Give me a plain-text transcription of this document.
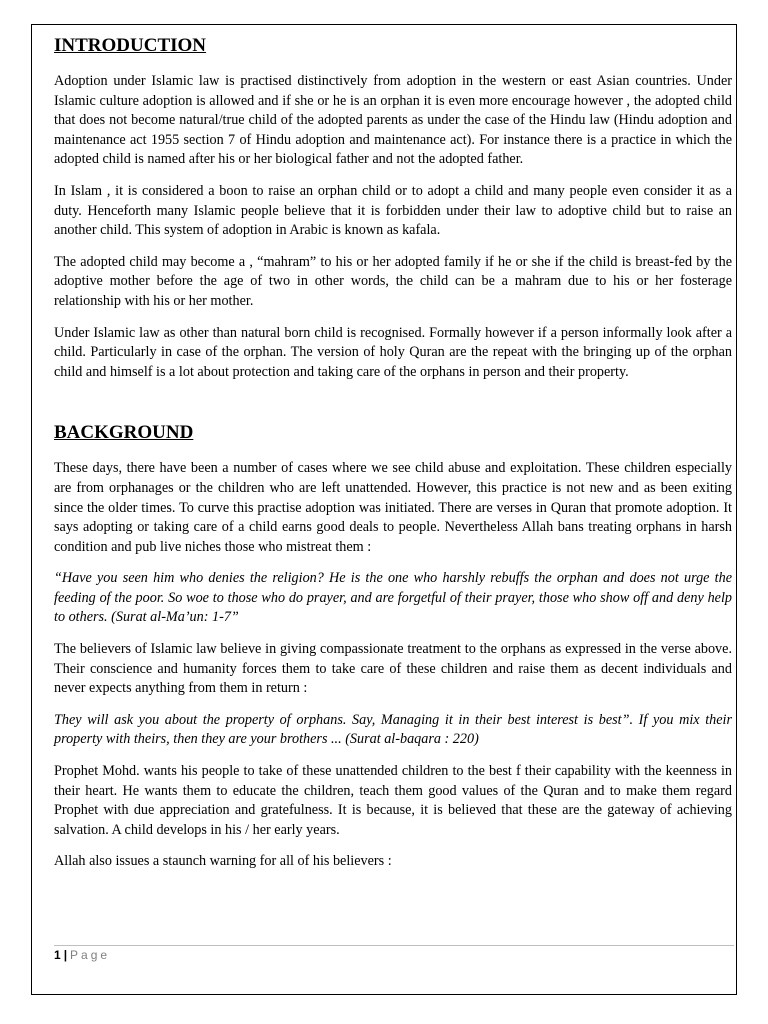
INTRODUCTION

Adoption under Islamic law is practised distinctively from adoption in the western or east Asian countries. Under Islamic culture adoption is allowed and if she or he is an orphan it is even more encourage however , the adopted child that does not become natural/true child of the adopted parents as under the case of the Hindu law (Hindu adoption and maintenance act 1955 section 7 of Hindu adoption and maintenance act). For instance there is a practice in which the adopted child is named after his or her biological father and not the adopted father.

In Islam , it is considered a boon to raise an orphan child or to adopt a child and many people even consider it as a duty. Henceforth many Islamic people believe that it is forbidden under their law to adoptive child but to raise an another child. This system of adoption in Arabic is known as kafala.

The adopted child may become a , “mahram” to his or her adopted family if he or she if the child is breast-fed by the adoptive mother before the age of two in other words, the child can be a mahram due to his or her fosterage relationship with his or her mother.

Under Islamic law as other than natural born child is recognised. Formally however if a person informally look after a child. Particularly in case of the orphan. The version of holy Quran are the repeat with the bringing up of the orphan child and himself is a lot about protection and taking care of the orphans in person and their property.

BACKGROUND

These days, there have been a number of cases where we see child abuse and exploitation. These children especially are from orphanages or the children who are left unattended. However, this practice is not new and as been exiting since the older times. To curve this practise adoption was initiated. There are verses in Quran that promote adoption. It says adopting or taking care of a child earns good deals to people. Nevertheless Allah bans treating orphans in harsh condition and pub live niches those who mistreat them :

“Have you seen him who denies the religion? He is the one who harshly rebuffs the orphan and does not urge the feeding of the poor. So woe to those who do prayer, and are forgetful of their prayer, those who show off and deny help to others. (Surat al-Ma’un: 1-7”

The believers of Islamic law believe in giving compassionate treatment to the orphans as expressed in the verse above. Their conscience and humanity forces them to take care of these children and raise them as decent individuals and never expects anything from them in return :

They will ask you about the property of orphans. Say, Managing it in their best interest is best”. If you mix their property with theirs, then they are your brothers ... (Surat al-baqara : 220)

Prophet Mohd. wants his people to take of these unattended children to the best f their capability with the keenness in their heart. He wants them to educate the children, teach them good values of the Quran and to make them regard Prophet with due appreciation and gratefulness. It is because, it is believed that these are the gateway of achieving salvation. A child develops in his / her early years.

Allah also issues a staunch warning for all of his believers :

1 | Page
